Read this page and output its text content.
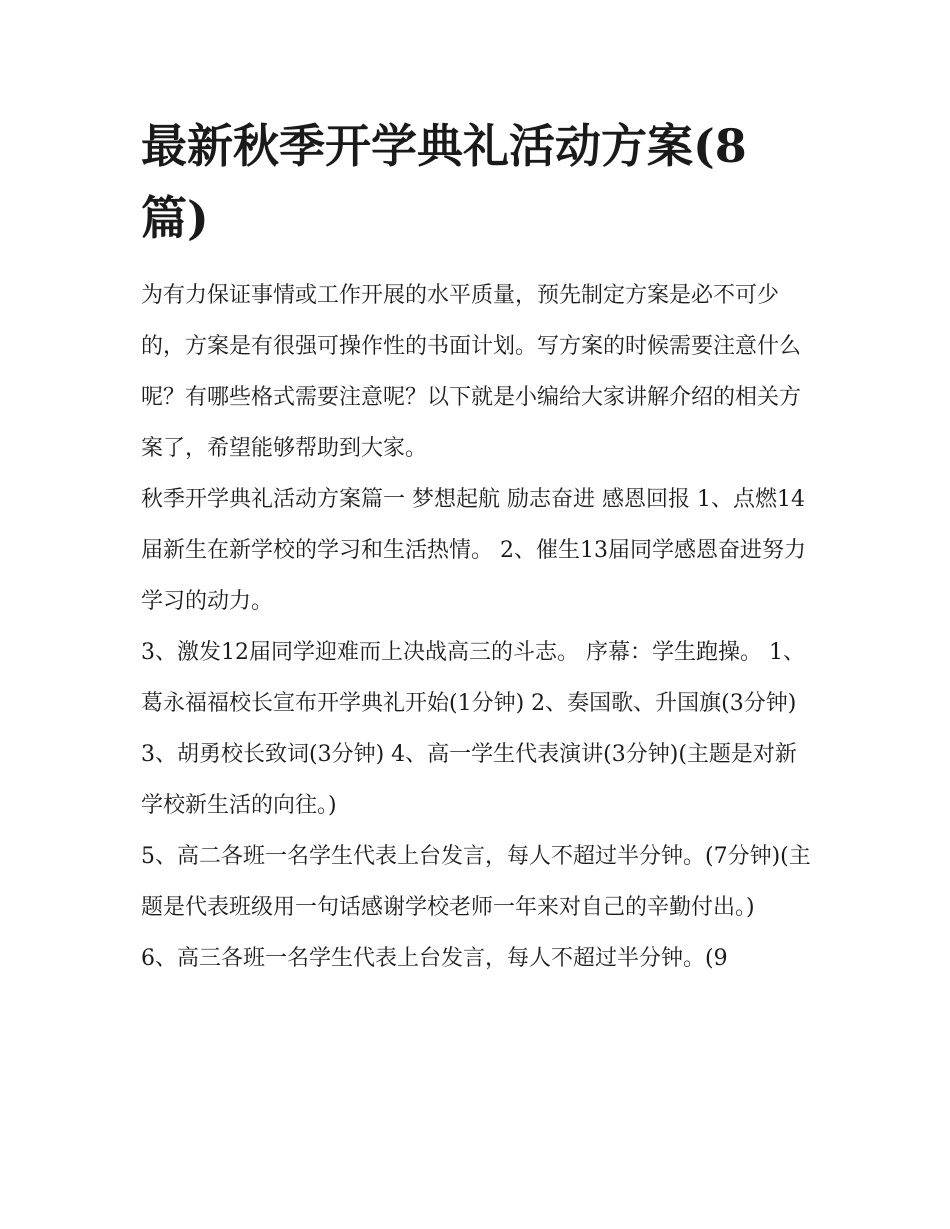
最新秋季开学典礼活动方案(8篇)

为有力保证事情或工作开展的水平质量，预先制定方案是必不可少的，方案是有很强可操作性的书面计划。写方案的时候需要注意什么呢？有哪些格式需要注意呢？以下就是小编给大家讲解介绍的相关方案了，希望能够帮助到大家。

秋季开学典礼活动方案篇一 梦想起航 励志奋进 感恩回报 1、点燃14届新生在新学校的学习和生活热情。 2、催生13届同学感恩奋进努力学习的动力。

3、激发12届同学迎难而上决战高三的斗志。 序幕：学生跑操。 1、葛永福福校长宣布开学典礼开始(1分钟) 2、奏国歌、升国旗(3分钟)

3、胡勇校长致词(3分钟) 4、高一学生代表演讲(3分钟)(主题是对新学校新生活的向往。)

5、高二各班一名学生代表上台发言，每人不超过半分钟。(7分钟)(主题是代表班级用一句话感谢学校老师一年来对自己的辛勤付出。)

6、高三各班一名学生代表上台发言，每人不超过半分钟。(9
